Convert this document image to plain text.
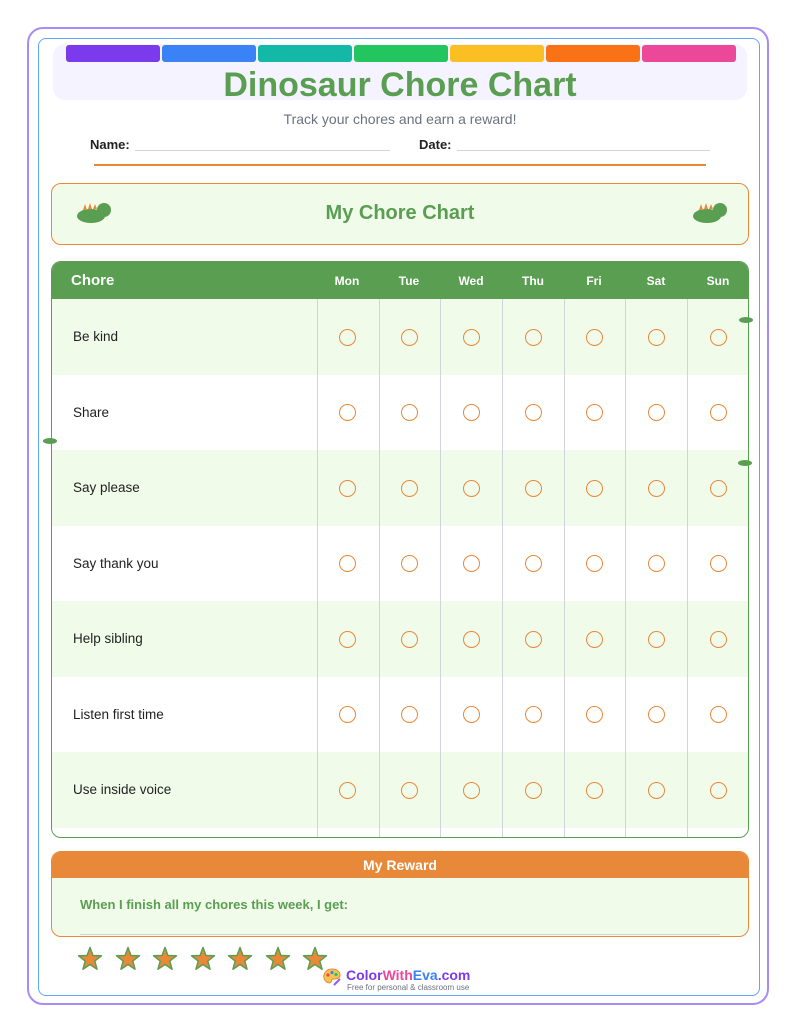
Dinosaur Chore Chart
Track your chores and earn a reward!
Name:	Date:
My Chore Chart
Chore	Mon	Tue	Wed	Thu	Fri	Sat	Sun
Be kind
Share
Say please
Say thank you
Help sibling
Listen first time
Use inside voice
My Reward
When I finish all my chores this week, I get:
ColorWithEva.com
Free for personal & classroom use
